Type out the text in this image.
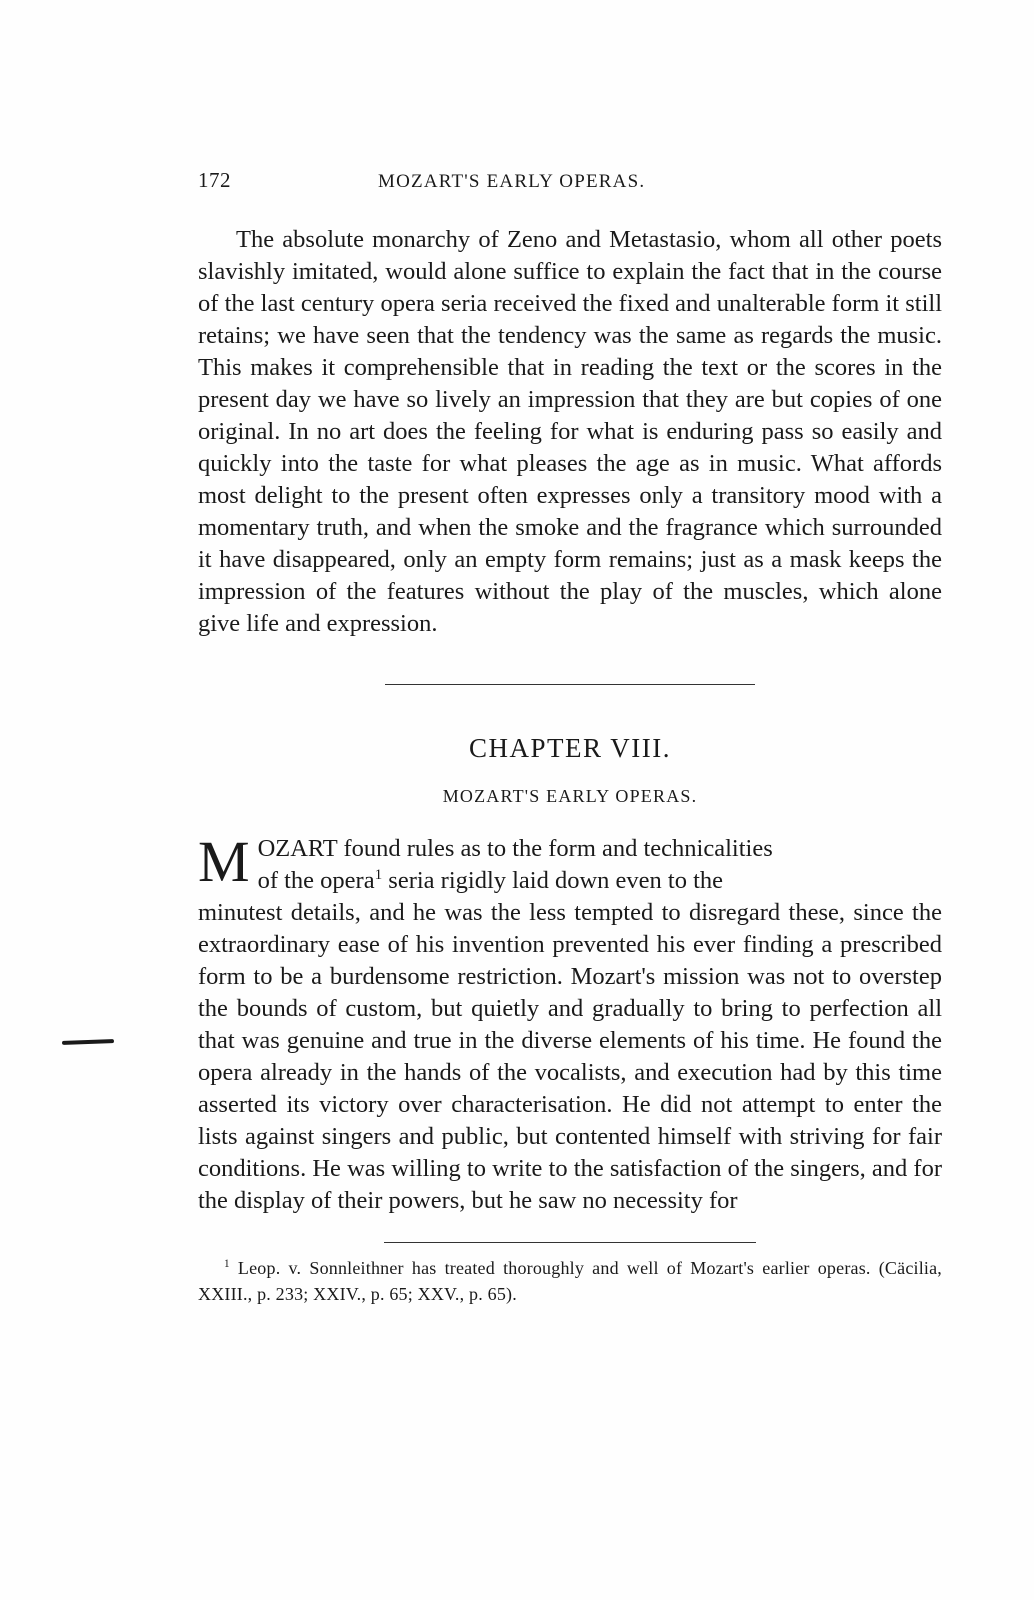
172	MOZART'S EARLY OPERAS.

The absolute monarchy of Zeno and Metastasio, whom all other poets slavishly imitated, would alone suffice to explain the fact that in the course of the last century opera seria received the fixed and unalterable form it still retains; we have seen that the tendency was the same as regards the music. This makes it comprehensible that in reading the text or the scores in the present day we have so lively an impression that they are but copies of one original. In no art does the feeling for what is enduring pass so easily and quickly into the taste for what pleases the age as in music. What affords most delight to the present often expresses only a transitory mood with a momentary truth, and when the smoke and the fragrance which surrounded it have disappeared, only an empty form remains; just as a mask keeps the impression of the features without the play of the muscles, which alone give life and expression.

CHAPTER VIII.
MOZART'S EARLY OPERAS.

MOZART found rules as to the form and technicalities
of the opera$^1$ seria rigidly laid down even to the
minutest details, and he was the less tempted to disregard these, since the extraordinary ease of his invention prevented his ever finding a prescribed form to be a burdensome restriction. Mozart's mission was not to overstep the bounds of custom, but quietly and gradually to bring to perfection all that was genuine and true in the diverse elements of his time. He found the opera already in the hands of the vocalists, and execution had by this time asserted its victory over characterisation. He did not attempt to enter the lists against singers and public, but contented himself with striving for fair conditions. He was willing to write to the satisfaction of the singers, and for the display of their powers, but he saw no necessity for

$^1$ Leop. v. Sonnleithner has treated thoroughly and well of Mozart's earlier operas. (Cäcilia, XXIII., p. 233; XXIV., p. 65; XXV., p. 65).
